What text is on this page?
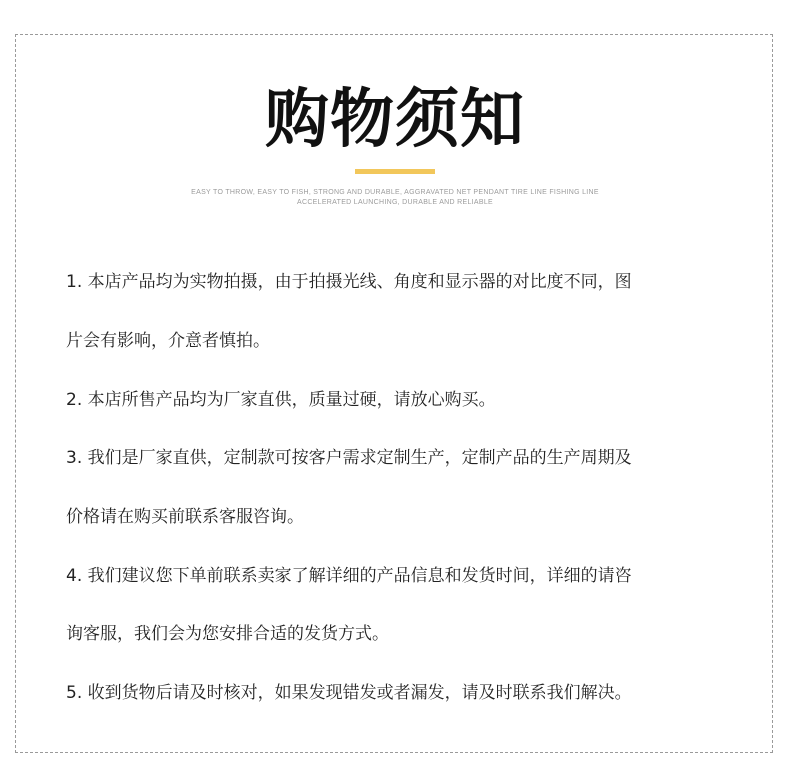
购物须知
EASY TO THROW, EASY TO FISH, STRONG AND DURABLE, AGGRAVATED NET PENDANT TIRE LINE FISHING LINE
ACCELERATED LAUNCHING, DURABLE AND RELIABLE
1. 本店产品均为实物拍摄，由于拍摄光线、角度和显示器的对比度不同，图
片会有影响，介意者慎拍。
2. 本店所售产品均为厂家直供，质量过硬，请放心购买。
3. 我们是厂家直供，定制款可按客户需求定制生产，定制产品的生产周期及
价格请在购买前联系客服咨询。
4. 我们建议您下单前联系卖家了解详细的产品信息和发货时间，详细的请咨
询客服，我们会为您安排合适的发货方式。
5. 收到货物后请及时核对，如果发现错发或者漏发，请及时联系我们解决。
